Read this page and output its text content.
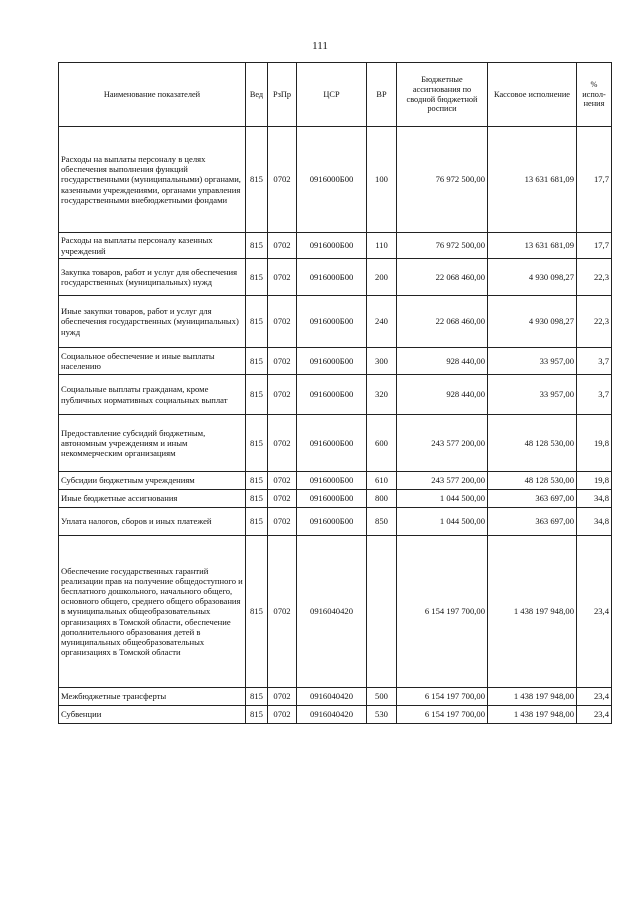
111
Наименование показателей	Вед	РзПр	ЦСР	ВР	Бюджетные ассигнования по сводной бюджетной росписи	Кассовое исполнение	% испол-нения
Расходы на выплаты персоналу в целях обеспечения выполнения функций государственными (муниципальными) органами, казенными учреждениями, органами управления государственными внебюджетными фондами	815	0702	0916000Б00	100	76 972 500,00	13 631 681,09	17,7
Расходы на выплаты персоналу казенных учреждений	815	0702	0916000Б00	110	76 972 500,00	13 631 681,09	17,7
Закупка товаров, работ и услуг для обеспечения государственных (муниципальных) нужд	815	0702	0916000Б00	200	22 068 460,00	4 930 098,27	22,3
Иные закупки товаров, работ и услуг для обеспечения государственных (муниципальных) нужд	815	0702	0916000Б00	240	22 068 460,00	4 930 098,27	22,3
Социальное обеспечение и иные выплаты населению	815	0702	0916000Б00	300	928 440,00	33 957,00	3,7
Социальные выплаты гражданам, кроме публичных нормативных социальных выплат	815	0702	0916000Б00	320	928 440,00	33 957,00	3,7
Предоставление субсидий бюджетным, автономным учреждениям и иным некоммерческим организациям	815	0702	0916000Б00	600	243 577 200,00	48 128 530,00	19,8
Субсидии бюджетным учреждениям	815	0702	0916000Б00	610	243 577 200,00	48 128 530,00	19,8
Иные бюджетные ассигнования	815	0702	0916000Б00	800	1 044 500,00	363 697,00	34,8
Уплата налогов, сборов и иных платежей	815	0702	0916000Б00	850	1 044 500,00	363 697,00	34,8
Обеспечение государственных гарантий реализации прав на получение общедоступного и бесплатного дошкольного, начального общего, основного общего, среднего общего образования в муниципальных общеобразовательных организациях в Томской области, обеспечение дополнительного образования детей в муниципальных общеобразовательных организациях в Томской области	815	0702	0916040420		6 154 197 700,00	1 438 197 948,00	23,4
Межбюджетные трансферты	815	0702	0916040420	500	6 154 197 700,00	1 438 197 948,00	23,4
Субвенции	815	0702	0916040420	530	6 154 197 700,00	1 438 197 948,00	23,4
